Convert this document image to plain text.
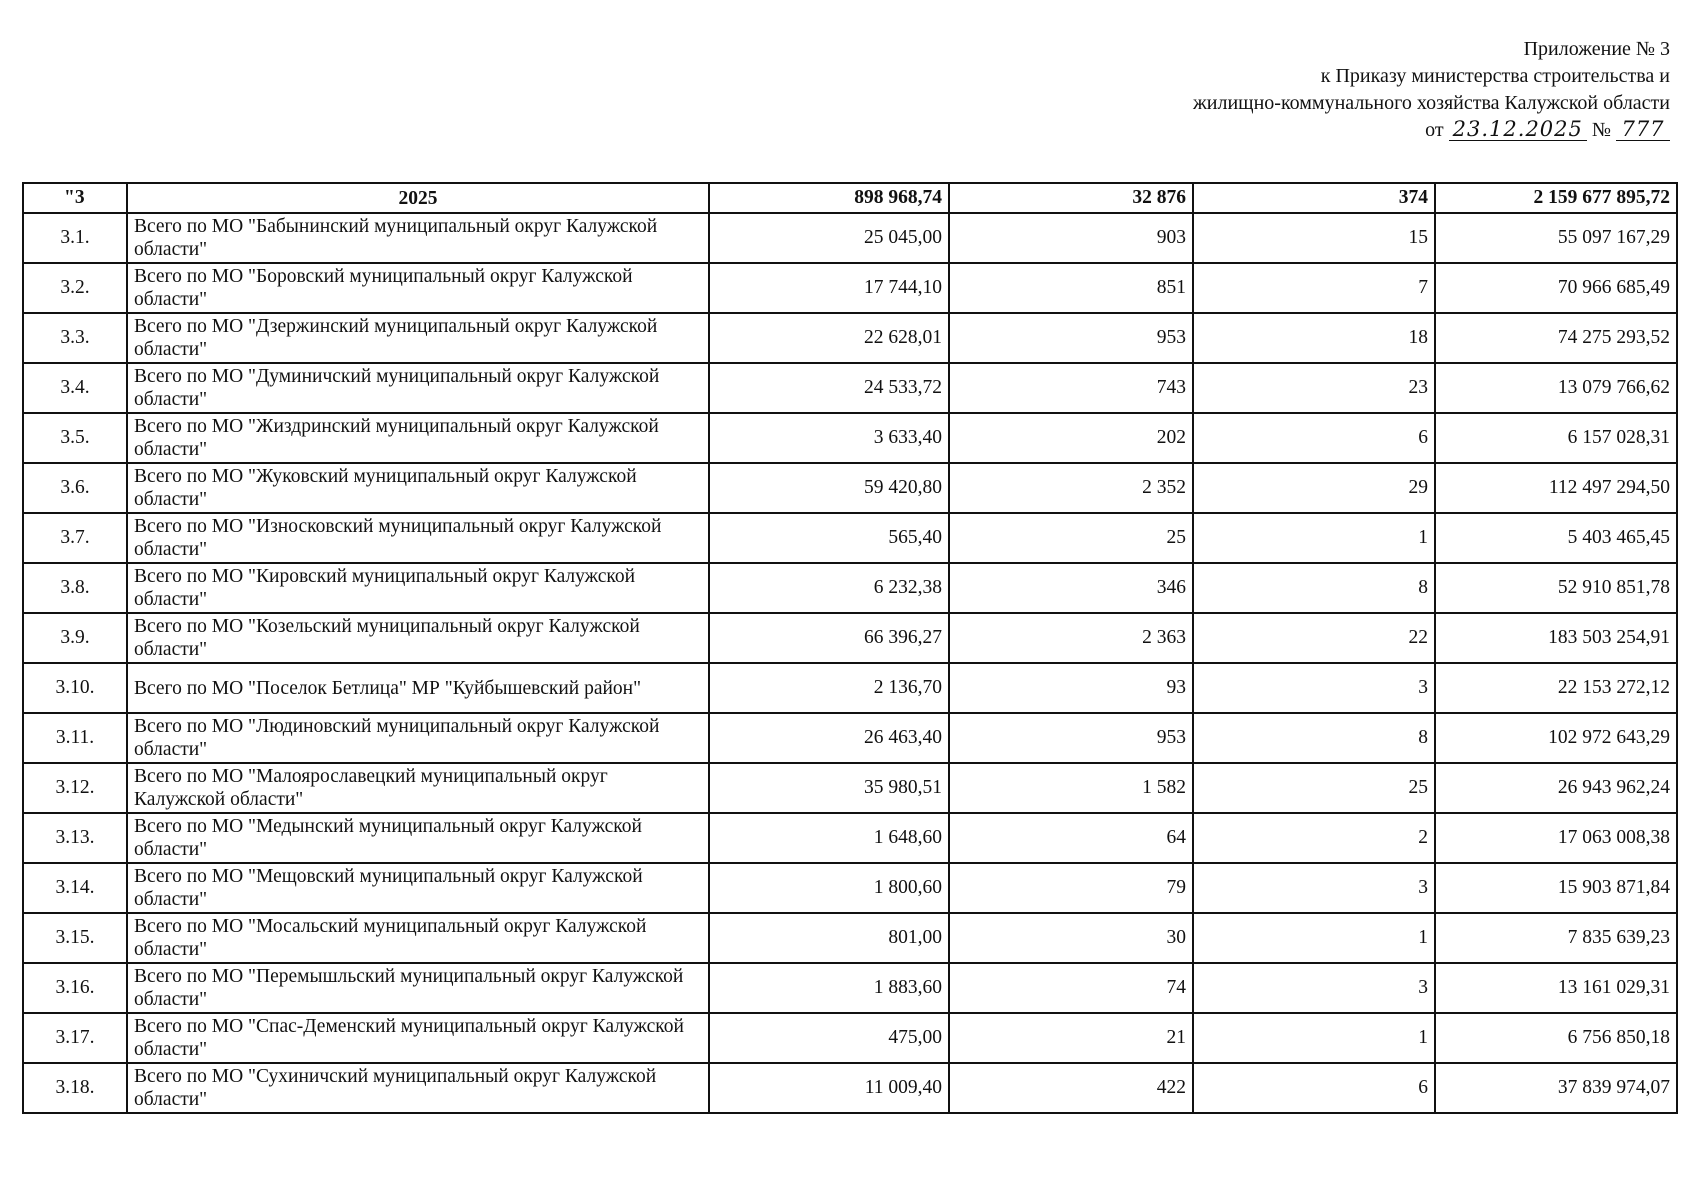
Приложение № 3
к Приказу министерства строительства и
жилищно-коммунального хозяйства Калужской области
от 23.12.2025 № 777
"3	2025	898 968,74	32 876	374	2 159 677 895,72
3.1.	Всего по МО "Бабынинский муниципальный округ Калужской области"	25 045,00	903	15	55 097 167,29
3.2.	Всего по МО "Боровский муниципальный округ Калужской области"	17 744,10	851	7	70 966 685,49
3.3.	Всего по МО "Дзержинский муниципальный округ Калужской области"	22 628,01	953	18	74 275 293,52
3.4.	Всего по МО "Думиничский муниципальный округ Калужской области"	24 533,72	743	23	13 079 766,62
3.5.	Всего по МО "Жиздринский муниципальный округ Калужской области"	3 633,40	202	6	6 157 028,31
3.6.	Всего по МО "Жуковский муниципальный округ Калужской области"	59 420,80	2 352	29	112 497 294,50
3.7.	Всего по МО "Износковский муниципальный округ Калужской области"	565,40	25	1	5 403 465,45
3.8.	Всего по МО "Кировский муниципальный округ Калужской области"	6 232,38	346	8	52 910 851,78
3.9.	Всего по МО "Козельский муниципальный округ Калужской области"	66 396,27	2 363	22	183 503 254,91
3.10.	Всего по МО "Поселок Бетлица" МР "Куйбышевский район"	2 136,70	93	3	22 153 272,12
3.11.	Всего по МО "Людиновский муниципальный округ Калужской области"	26 463,40	953	8	102 972 643,29
3.12.	Всего по МО "Малоярославецкий муниципальный округ Калужской области"	35 980,51	1 582	25	26 943 962,24
3.13.	Всего по МО "Медынский муниципальный округ Калужской области"	1 648,60	64	2	17 063 008,38
3.14.	Всего по МО "Мещовский муниципальный округ Калужской области"	1 800,60	79	3	15 903 871,84
3.15.	Всего по МО "Мосальский муниципальный округ Калужской области"	801,00	30	1	7 835 639,23
3.16.	Всего по МО "Перемышльский муниципальный округ Калужской области"	1 883,60	74	3	13 161 029,31
3.17.	Всего по МО "Спас-Деменский муниципальный округ Калужской области"	475,00	21	1	6 756 850,18
3.18.	Всего по МО "Сухиничский муниципальный округ Калужской области"	11 009,40	422	6	37 839 974,07
